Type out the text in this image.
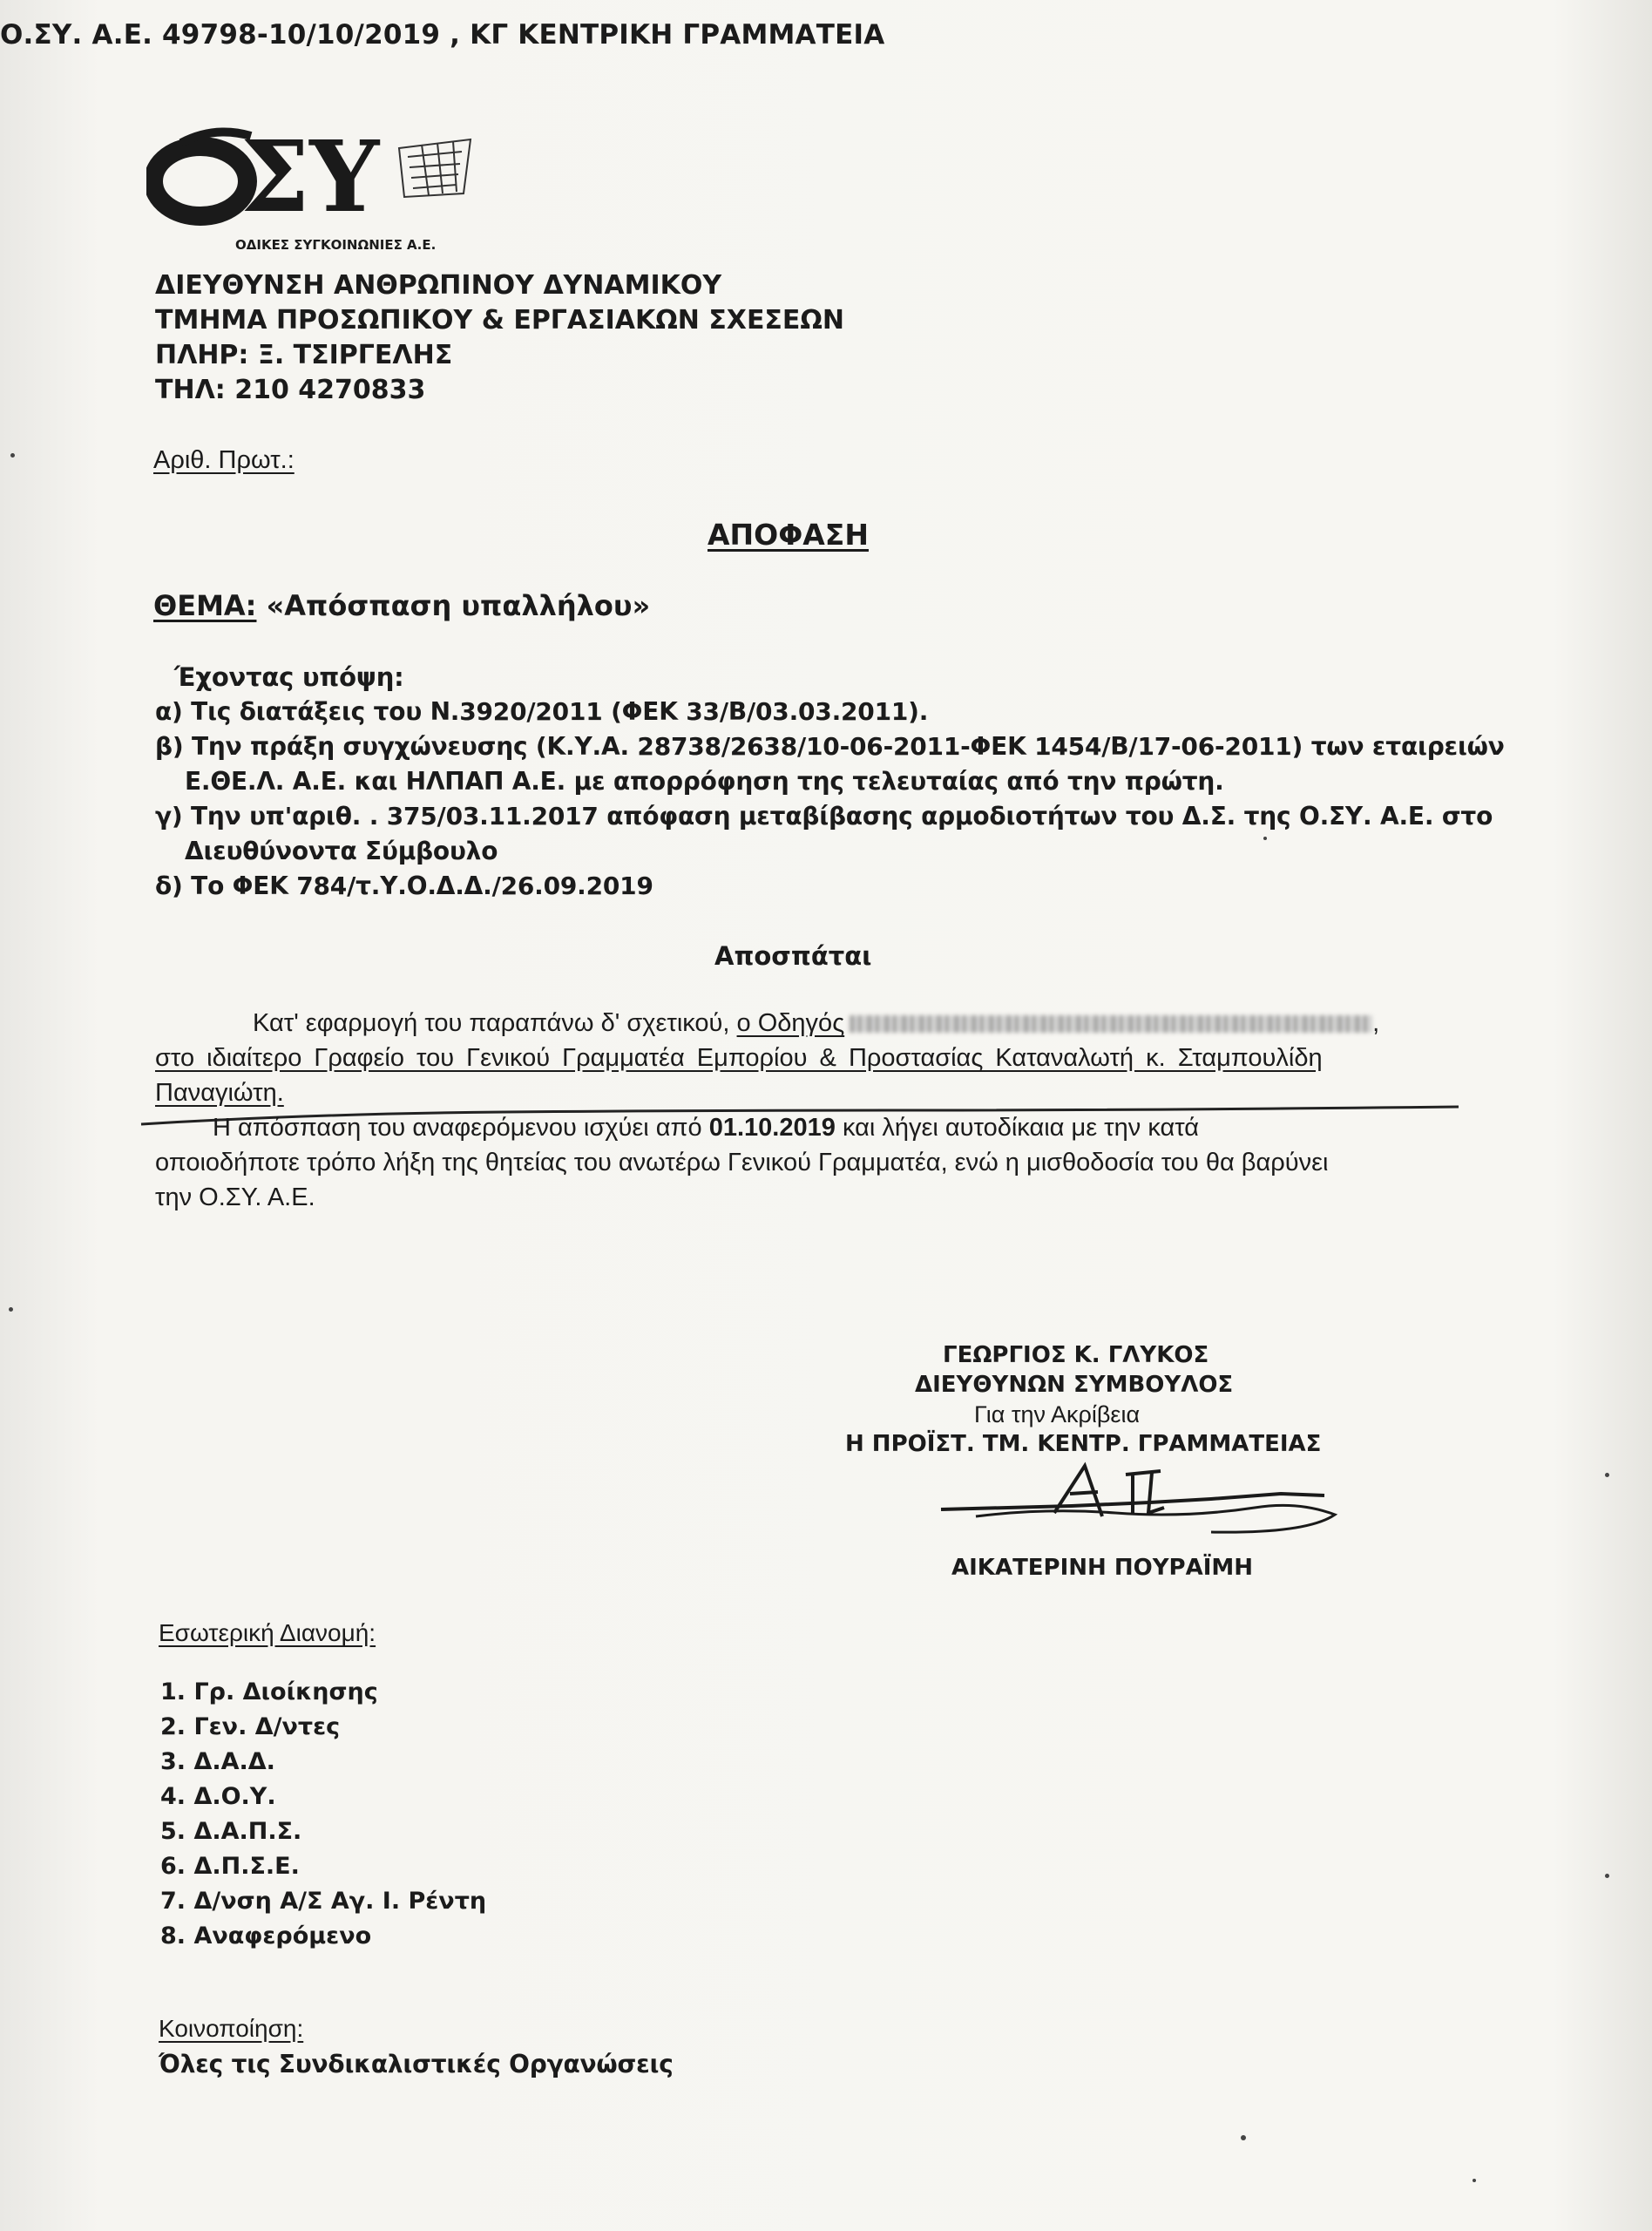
Ο.ΣΥ. Α.Ε. 49798-10/10/2019 , ΚΓ ΚΕΝΤΡΙΚΗ ΓΡΑΜΜΑΤΕΙΑ
ΣΥ
ΟΔΙΚΕΣ ΣΥΓΚΟΙΝΩΝΙΕΣ Α.Ε.
ΔΙΕΥΘΥΝΣΗ ΑΝΘΡΩΠΙΝΟΥ ΔΥΝΑΜΙΚΟΥ
ΤΜΗΜΑ ΠΡΟΣΩΠΙΚΟΥ & ΕΡΓΑΣΙΑΚΩΝ ΣΧΕΣΕΩΝ
ΠΛΗΡ: Ξ. ΤΣΙΡΓΕΛΗΣ
ΤΗΛ: 210 4270833
Αριθ. Πρωτ.:
ΑΠΟΦΑΣΗ
ΘΕΜΑ: «Απόσπαση υπαλλήλου»
Έχοντας υπόψη:
α) Τις διατάξεις του Ν.3920/2011 (ΦΕΚ 33/Β/03.03.2011).
β) Την πράξη συγχώνευσης (Κ.Υ.Α. 28738/2638/10-06-2011-ΦΕΚ 1454/Β/17-06-2011) των εταιρειών
Ε.ΘΕ.Λ. Α.Ε. και ΗΛΠΑΠ Α.Ε. με απορρόφηση της τελευταίας από την πρώτη.
γ) Την υπ'αριθ. . 375/03.11.2017 απόφαση μεταβίβασης αρμοδιοτήτων του Δ.Σ. της Ο.ΣΥ. Α.Ε. στο
Διευθύνοντα Σύμβουλο
δ) Το ΦΕΚ 784/τ.Υ.Ο.Δ.Δ./26.09.2019
Αποσπάται
Κατ' εφαρμογή του παραπάνω δ' σχετικού, ο Οδηγός	,
στο ιδιαίτερο Γραφείο του Γενικού Γραμματέα Εμπορίου & Προστασίας Καταναλωτή κ. Σταμπουλίδη
Παναγιώτη.
Η απόσπαση του αναφερόμενου ισχύει από 01.10.2019 και λήγει αυτοδίκαια με την κατά
οποιοδήποτε τρόπο λήξη της θητείας του ανωτέρω Γενικού Γραμματέα, ενώ η μισθοδοσία του θα βαρύνει
την Ο.ΣΥ. Α.Ε.
ΓΕΩΡΓΙΟΣ Κ. ΓΛΥΚΟΣ
ΔΙΕΥΘΥΝΩΝ ΣΥΜΒΟΥΛΟΣ
Για την Ακρίβεια
Η ΠΡΟΪΣΤ. ΤΜ. ΚΕΝΤΡ. ΓΡΑΜΜΑΤΕΙΑΣ
ΑΙΚΑΤΕΡΙΝΗ ΠΟΥΡΑΪΜΗ
Εσωτερική Διανομή:
1. Γρ. Διοίκησης
2. Γεν. Δ/ντες
3. Δ.Α.Δ.
4. Δ.Ο.Υ.
5. Δ.Α.Π.Σ.
6. Δ.Π.Σ.Ε.
7. Δ/νση Α/Σ Αγ. Ι. Ρέντη
8. Αναφερόμενο
Κοινοποίηση:
Όλες τις Συνδικαλιστικές Οργανώσεις
